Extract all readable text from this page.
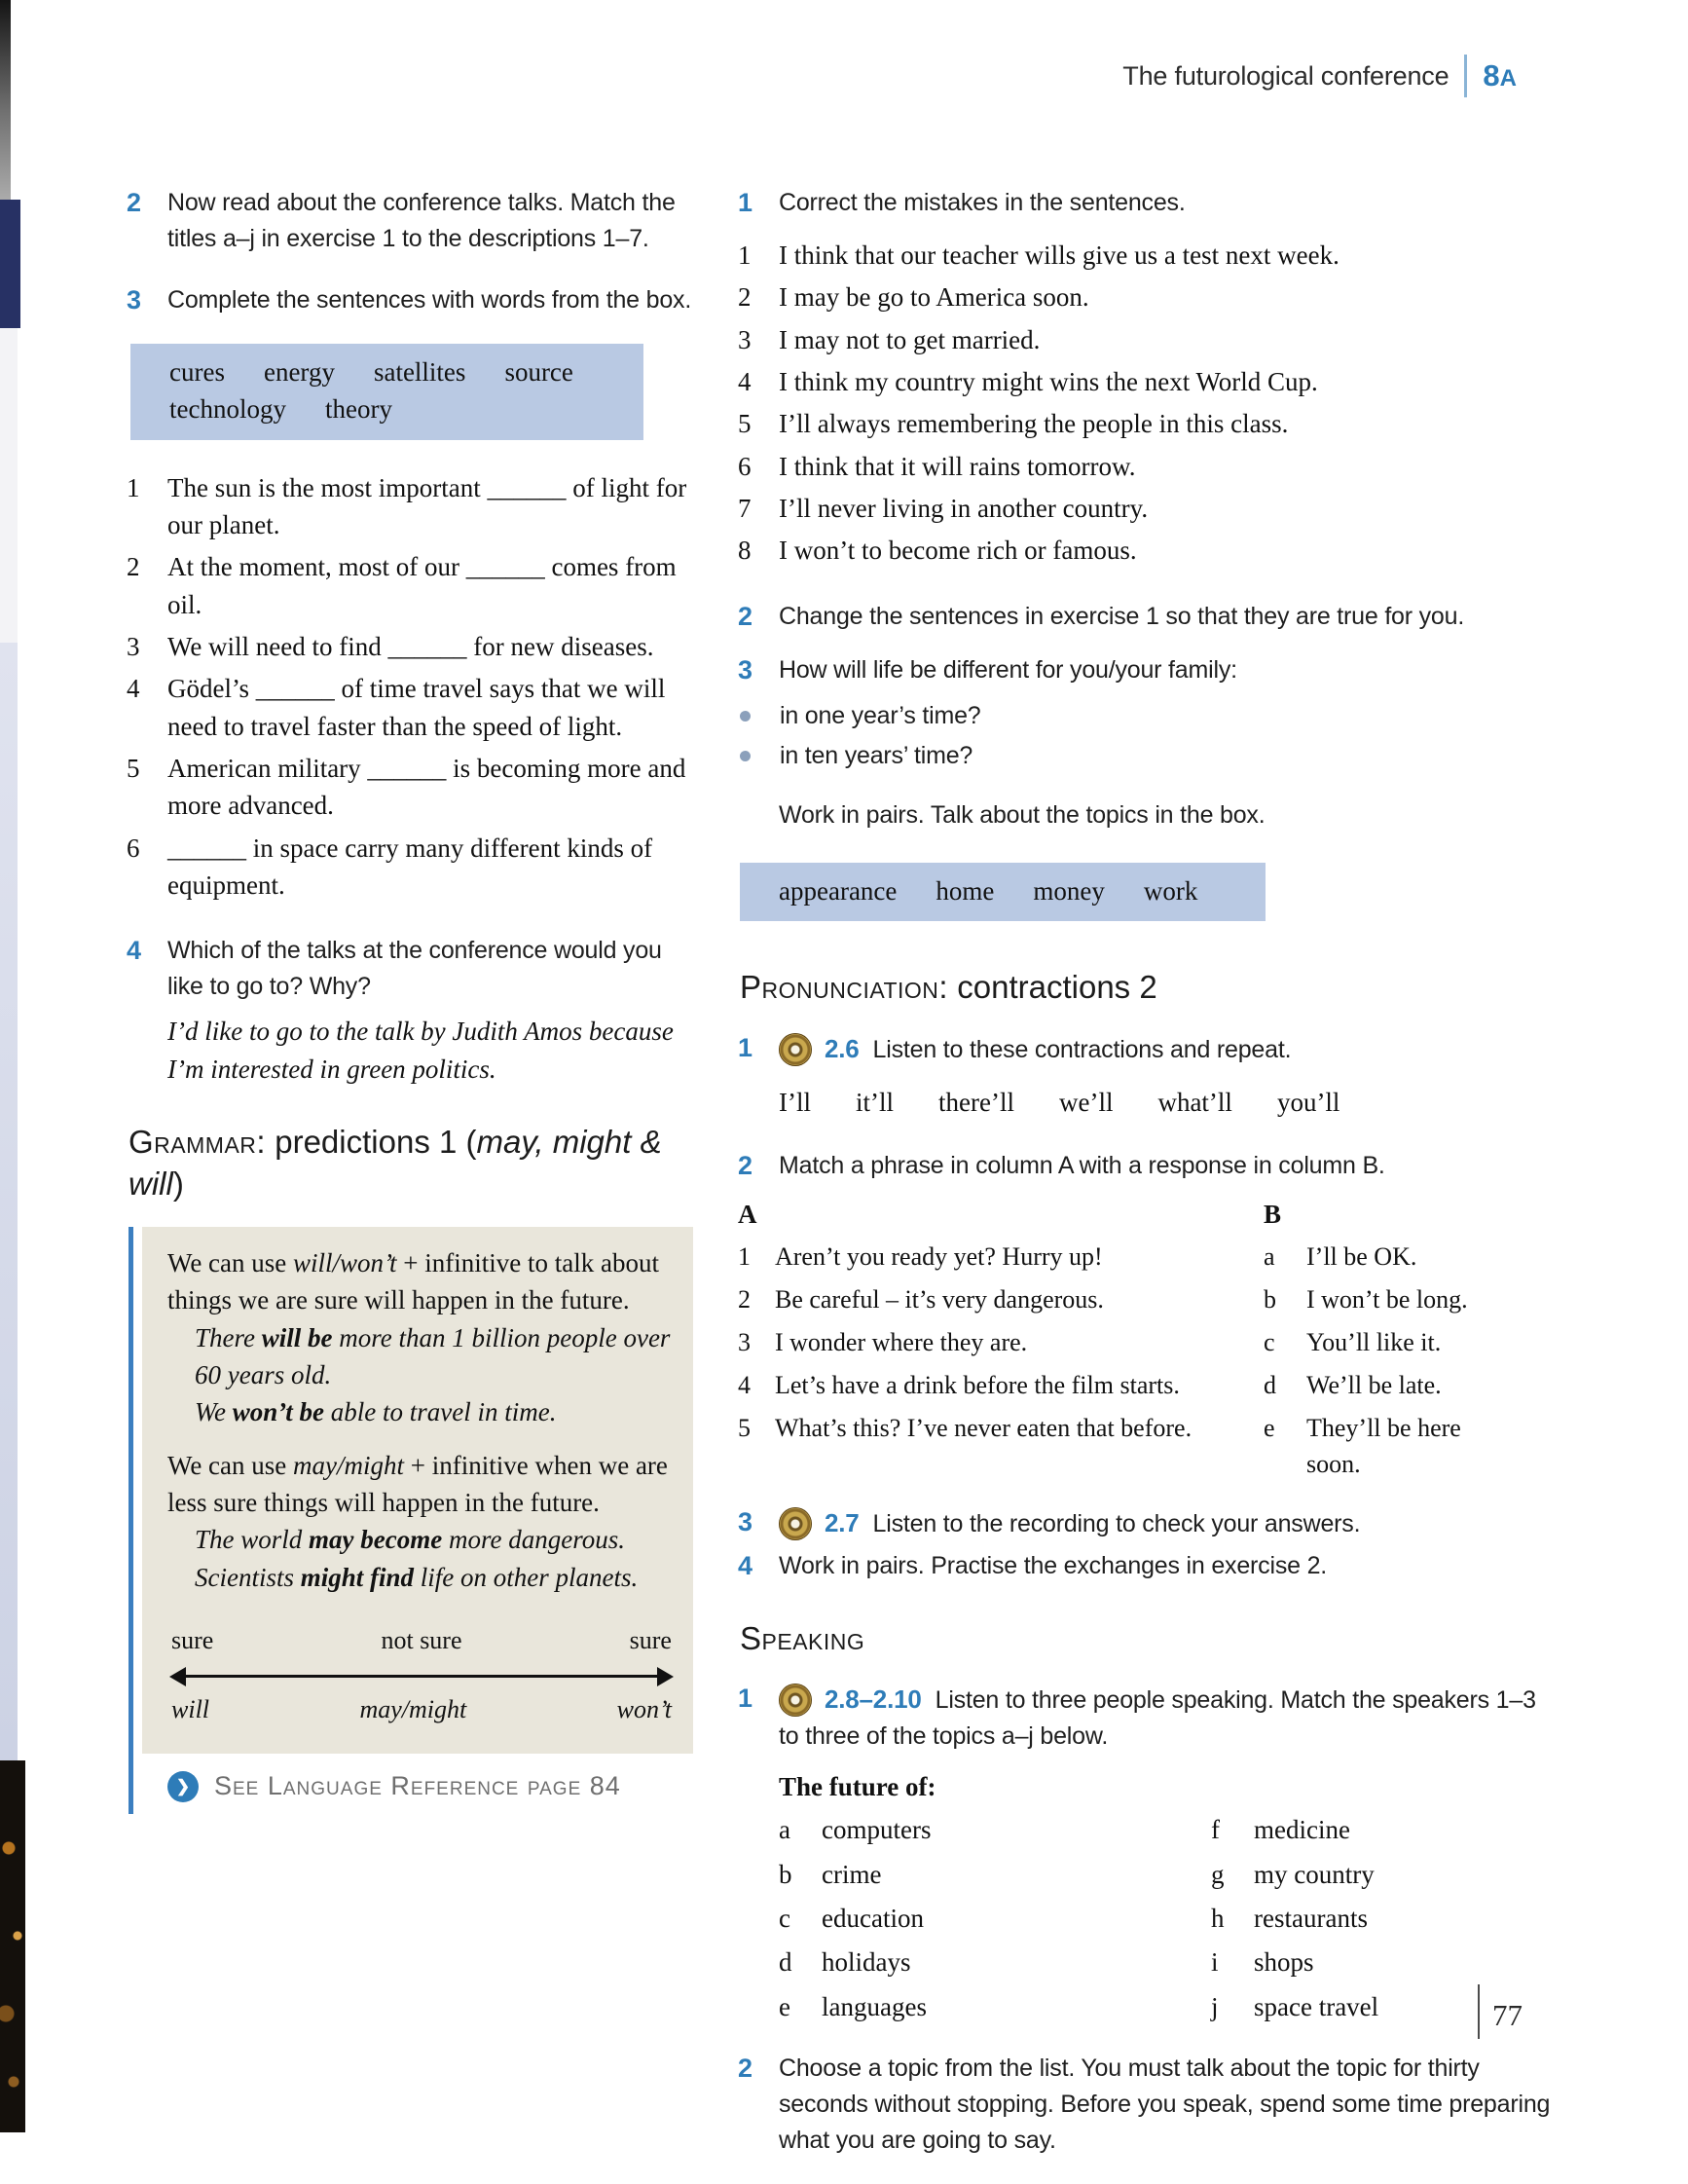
The futurological conference 8A
2	Now read about the conference talks. Match the titles a–j in exercise 1 to the descriptions 1–7.
3	Complete the sentences with words from the box.
cures energy satellites sourcetechnology theory
1	The sun is the most important ______ of light for our planet.
2	At the moment, most of our ______ comes from oil.
3	We will need to find ______ for new diseases.
4	Gödel’s ______ of time travel says that we will need to travel faster than the speed of light.
5	American military ______ is becoming more and more advanced.
6	______ in space carry many different kinds of equipment.
4	Which of the talks at the conference would you like to go to? Why?
I’d like to go to the talk by Judith Amos because I’m interested in green politics.
Grammar: predictions 1 (may, might & will)

We can use will/won’t + infinitive to talk about things we are sure will happen in the future.

There will be more than 1 billion people over 60 years old.

We won’t be able to travel in time.

We can use may/might + infinitive when we are less sure things will happen in the future.

The world may become more dangerous.

Scientists might find life on other planets.

sure	not sure	sure
will	may/might	won’t
❯ See Language Reference page 84
1	Correct the mistakes in the sentences.
1	I think that our teacher wills give us a test next week.
2	I may be go to America soon.
3	I may not to get married.
4	I think my country might wins the next World Cup.
5	I’ll always remembering the people in this class.
6	I think that it will rains tomorrow.
7	I’ll never living in another country.
8	I won’t to become rich or famous.
2	Change the sentences in exercise 1 so that they are true for you.
3	How will life be different for you/your family:
in one year’s time?
in ten years’ time?
Work in pairs. Talk about the topics in the box.
appearance home money work
Pronunciation: contractions 2
1	2.6 Listen to these contractions and repeat.

I’ll it’ll there’ll we’ll what’ll you’ll

2	Match a phrase in column A with a response in column B.
A	B
1 Aren’t you ready yet? Hurry up!	a	I’ll be OK.
2 Be careful – it’s very dangerous.	b	I won’t be long.
3 I wonder where they are.	c	You’ll like it.
4 Let’s have a drink before the film starts.	d	We’ll be late.
5 What’s this? I’ve never eaten that before.	e	They’ll be here soon.
3	2.7 Listen to the recording to check your answers.
4	Work in pairs. Practise the exchanges in exercise 2.
Speaking
1	2.8–2.10 Listen to three people speaking. Match the speakers 1–3 to three of the topics a–j below.

The future of:

a	computers	f	medicine
b	crime	g	my country
c	education	h	restaurants
d	holidays	i	shops
e	languages	j	space travel
2	Choose a topic from the list. You must talk about the topic for thirty seconds without stopping. Before you speak, spend some time preparing what you are going to say.
77
